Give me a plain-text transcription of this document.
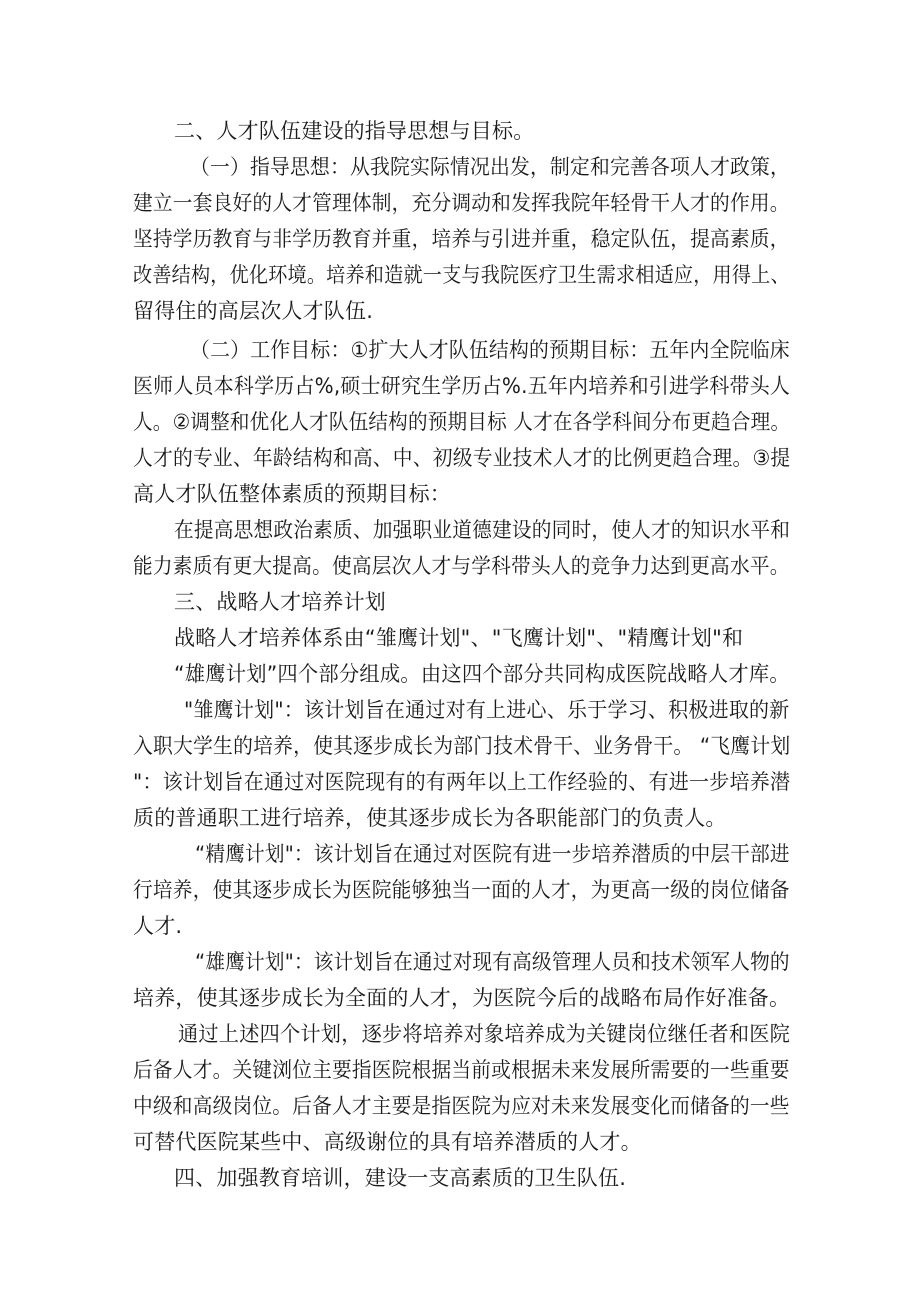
二、人才队伍建设的指导思想与目标。
（一）指导思想：从我院实际情况出发，制定和完善各项人才政策，
建立一套良好的人才管理体制，充分调动和发挥我院年轻骨干人才的作用。
坚持学历教育与非学历教育并重，培养与引进并重，稳定队伍，提高素质，
改善结构，优化环境。培养和造就一支与我院医疗卫生需求相适应，用得上、
留得住的高层次人才队伍.
（二）工作目标：①扩大人才队伍结构的预期目标：五年内全院临床
医师人员本科学历占%,硕士研究生学历占%.五年内培养和引进学科带头人
人。②调整和优化人才队伍结构的预期目标 人才在各学科间分布更趋合理。
人才的专业、年龄结构和高、中、初级专业技术人才的比例更趋合理。③提
高人才队伍整体素质的预期目标：
在提高思想政治素质、加强职业道德建设的同时，使人才的知识水平和
能力素质有更大提高。使高层次人才与学科带头人的竞争力达到更高水平。
三、战略人才培养计划
战略人才培养体系由“雏鹰计划"、"飞鹰计划"、"精鹰计划"和
“雄鹰计划”四个部分组成。由这四个部分共同构成医院战略人才库。
"雏鹰计划"：该计划旨在通过对有上进心、乐于学习、积极进取的新
入职大学生的培养，使其逐步成长为部门技术骨干、业务骨干。 “飞鹰计划
"：该计划旨在通过对医院现有的有两年以上工作经验的、有进一步培养潜
质的普通职工进行培养，使其逐步成长为各职能部门的负责人。
“精鹰计划"：该计划旨在通过对医院有进一步培养潜质的中层干部进
行培养，使其逐步成长为医院能够独当一面的人才，为更高一级的岗位储备
人才.
“雄鹰计划"：该计划旨在通过对现有高级管理人员和技术领军人物的
培养，使其逐步成长为全面的人才，为医院今后的战略布局作好准备。
通过上述四个计划，逐步将培养对象培养成为关键岗位继任者和医院
后备人才。关键浏位主要指医院根据当前或根据未来发展所需要的一些重要
中级和高级岗位。后备人才主要是指医院为应对未来发展变化而储备的一些
可替代医院某些中、高级谢位的具有培养潜质的人才。
四、加强教育培训，建设一支高素质的卫生队伍.
